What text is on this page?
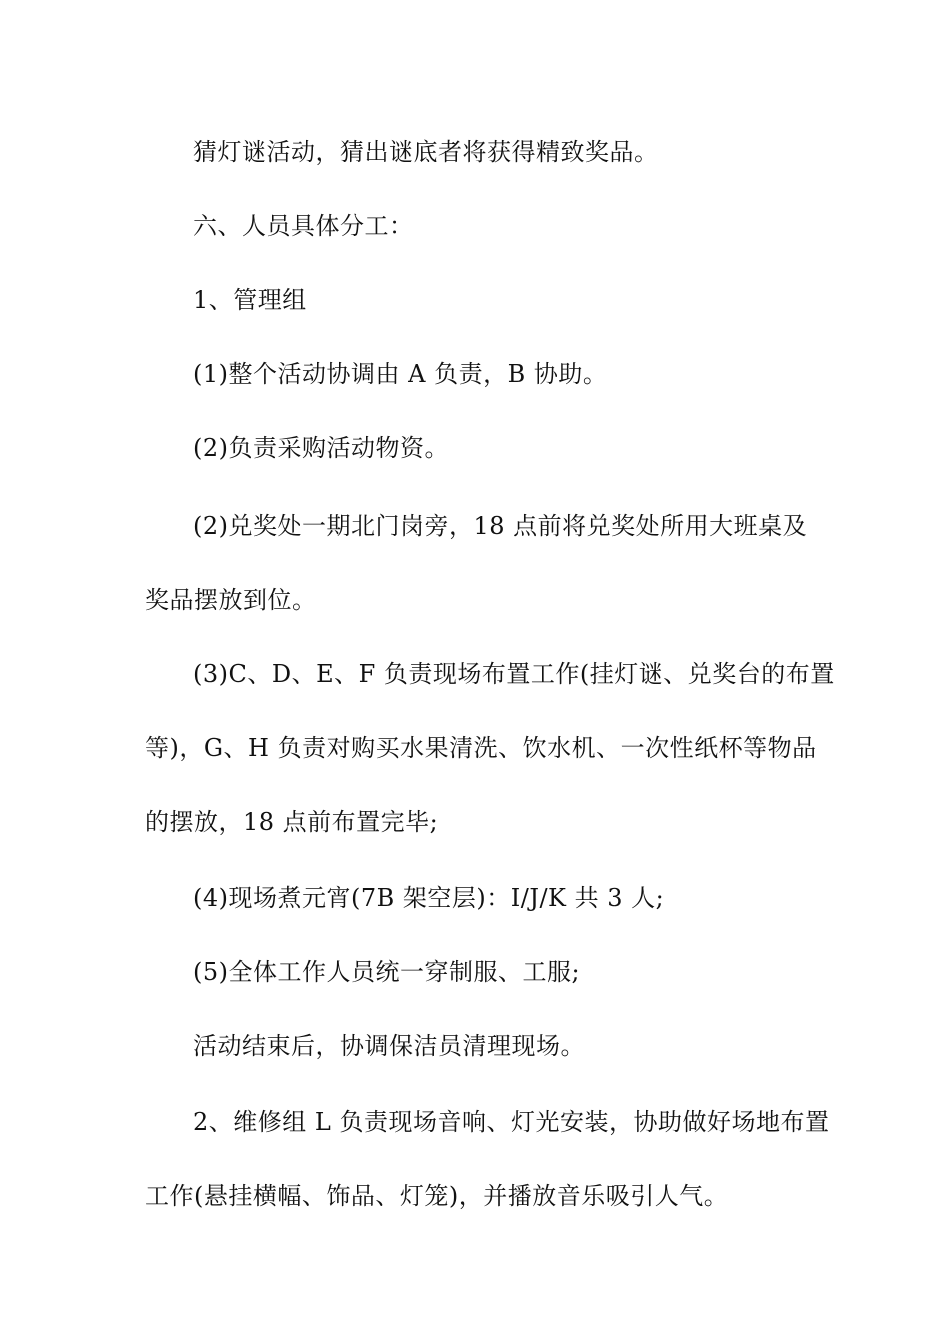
猜灯谜活动，猜出谜底者将获得精致奖品。
六、人员具体分工：
1、管理组
(1)整个活动协调由 A 负责，B 协助。
(2)负责采购活动物资。
(2)兑奖处一期北门岗旁，18 点前将兑奖处所用大班桌及
奖品摆放到位。
(3)C、D、E、F 负责现场布置工作(挂灯谜、兑奖台的布置
等)，G、H 负责对购买水果清洗、饮水机、一次性纸杯等物品
的摆放，18 点前布置完毕;
(4)现场煮元宵(7B 架空层)：I/J/K 共 3 人;
(5)全体工作人员统一穿制服、工服;
活动结束后，协调保洁员清理现场。
2、维修组 L 负责现场音响、灯光安装，协助做好场地布置
工作(悬挂横幅、饰品、灯笼)，并播放音乐吸引人气。
